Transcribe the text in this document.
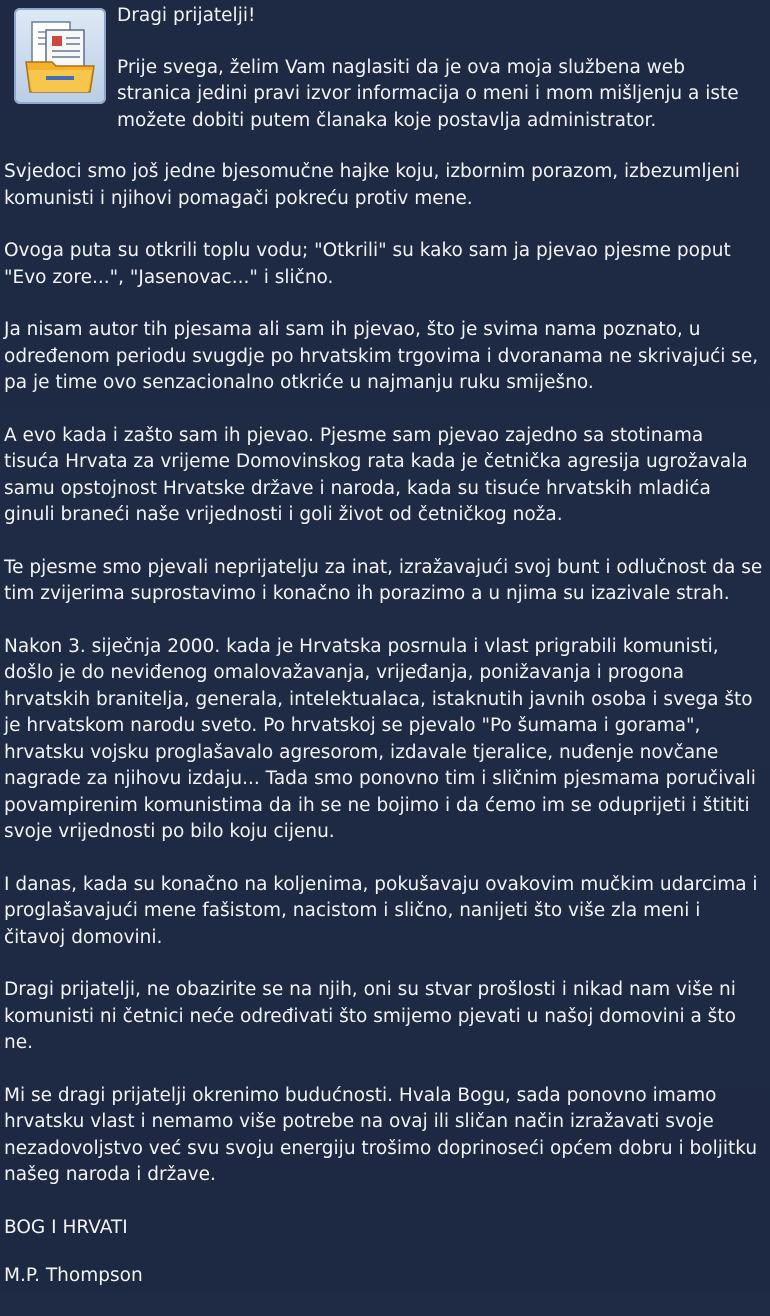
Dragi prijatelji!

Prije svega, želim Vam naglasiti da je ova moja službena web stranica jedini pravi izvor informacija o meni i mom mišljenju a iste možete dobiti putem članaka koje postavlja administrator.

Svjedoci smo još jedne bjesomučne hajke koju, izbornim porazom, izbezumljeni komunisti i njihovi pomagači pokreću protiv mene.

Ovoga puta su otkrili toplu vodu; "Otkrili" su kako sam ja pjevao pjesme poput "Evo zore...", "Jasenovac..." i slično.

Ja nisam autor tih pjesama ali sam ih pjevao, što je svima nama poznato, u određenom periodu svugdje po hrvatskim trgovima i dvoranama ne skrivajući se, pa je time ovo senzacionalno otkriće u najmanju ruku smiješno.

A evo kada i zašto sam ih pjevao. Pjesme sam pjevao zajedno sa stotinama tisuća Hrvata za vrijeme Domovinskog rata kada je četnička agresija ugrožavala samu opstojnost Hrvatske države i naroda, kada su tisuće hrvatskih mladića ginuli braneći naše vrijednosti i goli život od četničkog noža.

Te pjesme smo pjevali neprijatelju za inat, izražavajući svoj bunt i odlučnost da se tim zvijerima suprostavimo i konačno ih porazimo a u njima su izazivale strah.

Nakon 3. siječnja 2000. kada je Hrvatska posrnula i vlast prigrabili komunisti, došlo je do neviđenog omalovažavanja, vrijeđanja, ponižavanja i progona hrvatskih branitelja, generala, intelektualaca, istaknutih javnih osoba i svega što je hrvatskom narodu sveto. Po hrvatskoj se pjevalo "Po šumama i gorama", hrvatsku vojsku proglašavalo agresorom, izdavale tjeralice, nuđenje novčane nagrade za njihovu izdaju... Tada smo ponovno tim i sličnim pjesmama poručivali povampirenim komunistima da ih se ne bojimo i da ćemo im se oduprijeti i štititi svoje vrijednosti po bilo koju cijenu.

I danas, kada su konačno na koljenima, pokušavaju ovakovim mučkim udarcima i proglašavajući mene fašistom, nacistom i slično, nanijeti što više zla meni i čitavoj domovini.

Dragi prijatelji, ne obazirite se na njih, oni su stvar prošlosti i nikad nam više ni komunisti ni četnici neće određivati što smijemo pjevati u našoj domovini a što ne.

Mi se dragi prijatelji okrenimo budućnosti. Hvala Bogu, sada ponovno imamo hrvatsku vlast i nemamo više potrebe na ovaj ili sličan način izražavati svoje nezadovoljstvo već svu svoju energiju trošimo doprinoseći općem dobru i boljitku našeg naroda i države.

BOG I HRVATI

M.P. Thompson
